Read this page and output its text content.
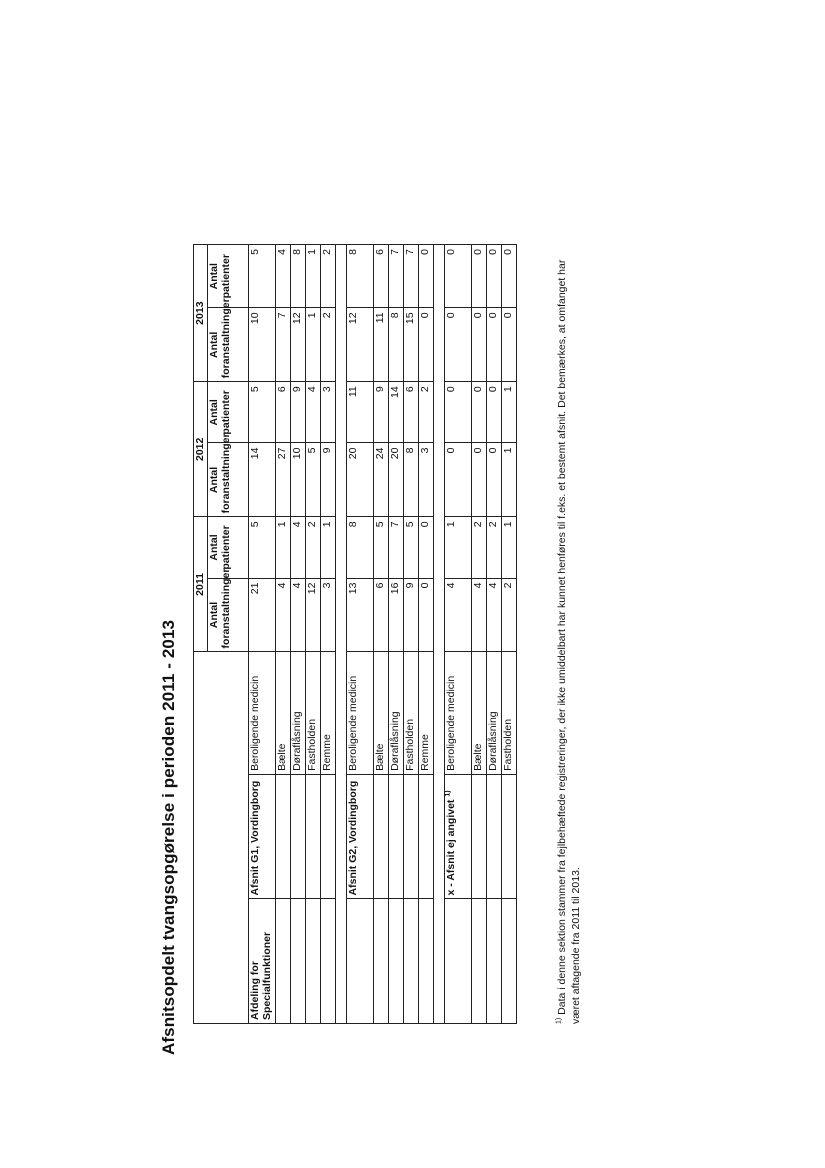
Afsnitsopdelt tvangsopgørelse i perioden 2011 - 2013
			2011		2012		2013	
			Antal foranstaltninger	Antal patienter	Antal foranstaltninger	Antal patienter	Antal foranstaltninger	Antal patienter
Afdeling for Specialfunktioner	Afsnit G1, Vordingborg	Beroligende medicin	21	5	14	5	10	5
		Bælte	4	1	27	6	7	4
		Døraflåsning	4	4	10	9	12	8
		Fastholden	12	2	5	4	1	1
		Remme	3	1	9	3	2	2

	Afsnit G2, Vordingborg	Beroligende medicin	13	8	20	11	12	8
		Bælte	6	5	24	9	11	6
		Døraflåsning	16	7	20	14	8	7
		Fastholden	9	5	8	6	15	7
		Remme	0	0	3	2	0	0

	x - Afsnit ej angivet $^{1)}$	Beroligende medicin	4	1	0	0	0	0
		Bælte	4	2	0	0	0	0
		Døraflåsning	4	2	0	0	0	0
		Fastholden	2	1	1	1	0	0
$^{1)}$ Data i denne sektion stammer fra fejlbehæftede registreringer, der ikke umiddelbart har kunnet henføres til f.eks. et bestemt afsnit. Det bemærkes, at omfanget har været aftagende fra 2011 til 2013.
